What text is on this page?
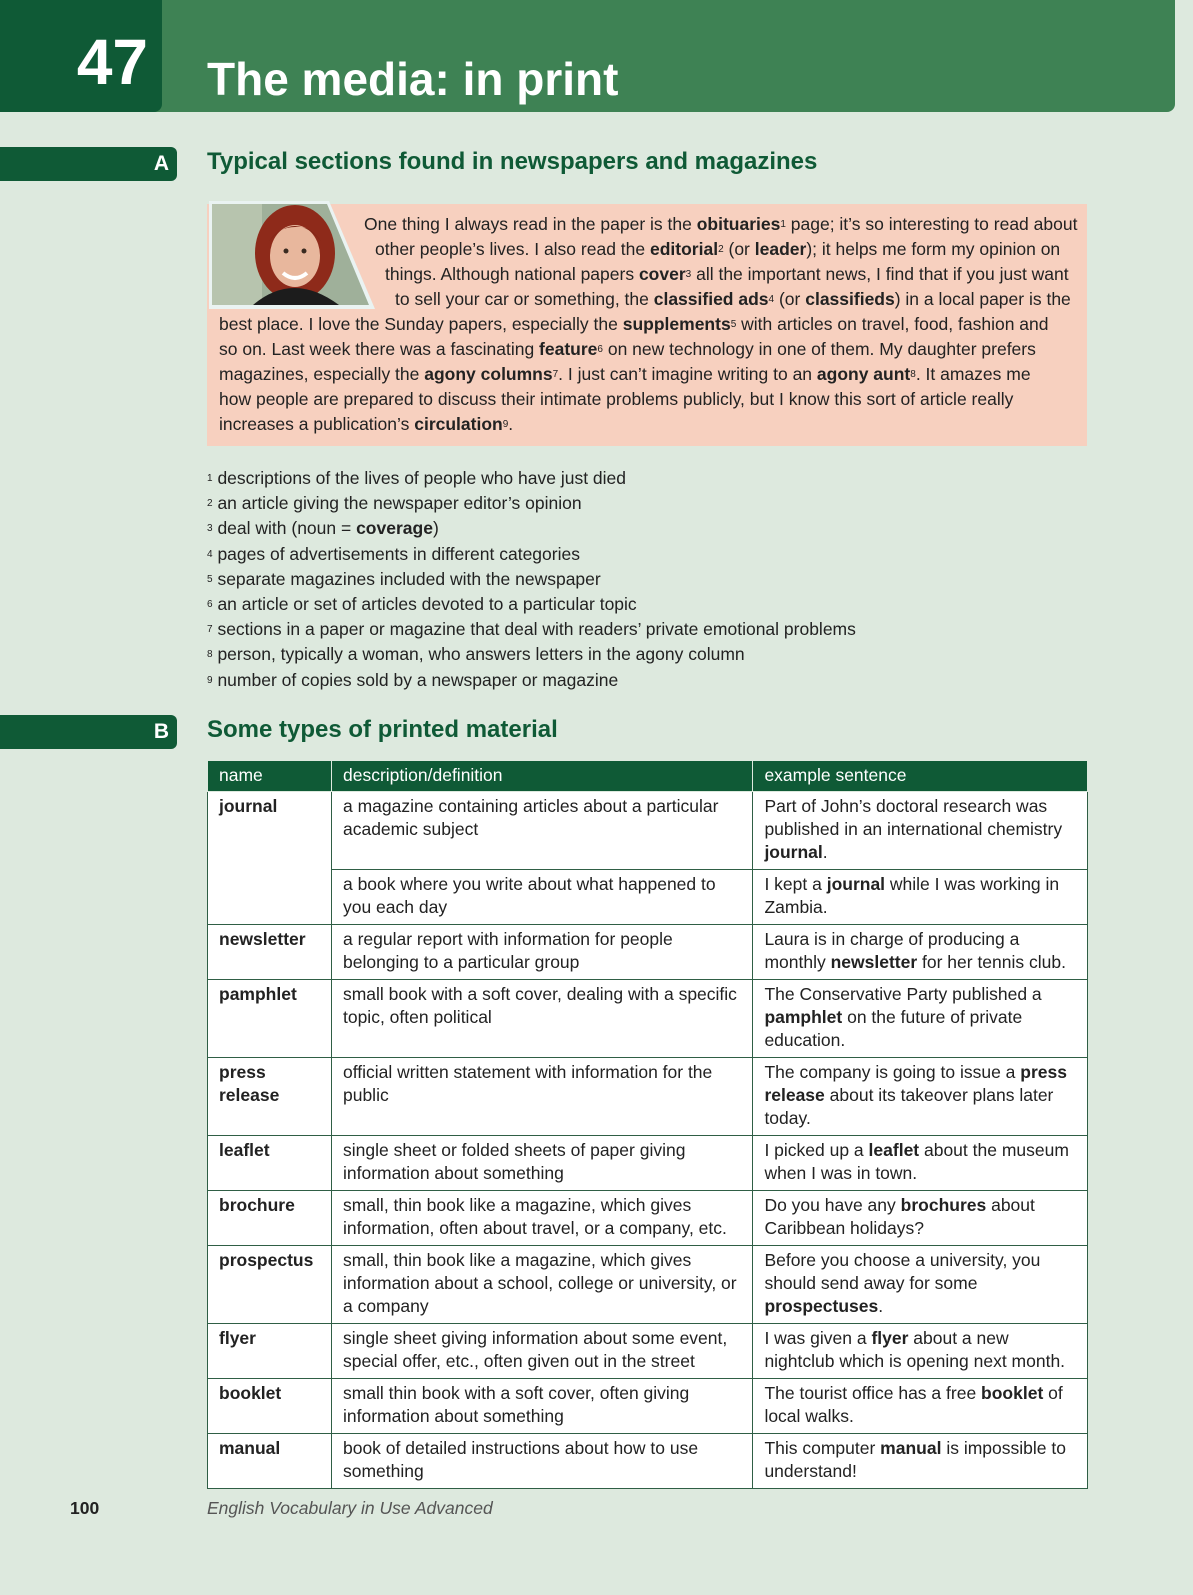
47	The media: in print
A	Typical sections found in newspapers and magazines
One thing I always read in the paper is the obituaries$^1$ page; it’s so interesting to read about
other people’s lives. I also read the editorial$^2$ (or leader); it helps me form my opinion on
things. Although national papers cover$^3$ all the important news, I find that if you just want
to sell your car or something, the classified ads$^4$ (or classifieds) in a local paper is the
best place. I love the Sunday papers, especially the supplements$^5$ with articles on travel, food, fashion and
so on. Last week there was a fascinating feature$^6$ on new technology in one of them. My daughter prefers
magazines, especially the agony columns$^7$. I just can’t imagine writing to an agony aunt$^8$. It amazes me
how people are prepared to discuss their intimate problems publicly, but I know this sort of article really
increases a publication’s circulation$^9$.
$^1$ descriptions of the lives of people who have just died
$^2$ an article giving the newspaper editor’s opinion
$^3$ deal with (noun = coverage)
$^4$ pages of advertisements in different categories
$^5$ separate magazines included with the newspaper
$^6$ an article or set of articles devoted to a particular topic
$^7$ sections in a paper or magazine that deal with readers’ private emotional problems
$^8$ person, typically a woman, who answers letters in the agony column
$^9$ number of copies sold by a newspaper or magazine
B	Some types of printed material
name	description/definition	example sentence
journal	a magazine containing articles about a particular academic subject	Part of John’s doctoral research was published in an international chemistry journal.
	a book where you write about what happened to you each day	I kept a journal while I was working in Zambia.
newsletter	a regular report with information for people belonging to a particular group	Laura is in charge of producing a monthly newsletter for her tennis club.
pamphlet	small book with a soft cover, dealing with a specific topic, often political	The Conservative Party published a pamphlet on the future of private education.
press release	official written statement with information for the public	The company is going to issue a press release about its takeover plans later today.
leaflet	single sheet or folded sheets of paper giving information about something	I picked up a leaflet about the museum when I was in town.
brochure	small, thin book like a magazine, which gives information, often about travel, or a company, etc.	Do you have any brochures about Caribbean holidays?
prospectus	small, thin book like a magazine, which gives information about a school, college or university, or a company	Before you choose a university, you should send away for some prospectuses.
flyer	single sheet giving information about some event, special offer, etc., often given out in the street	I was given a flyer about a new nightclub which is opening next month.
booklet	small thin book with a soft cover, often giving information about something	The tourist office has a free booklet of local walks.
manual	book of detailed instructions about how to use something	This computer manual is impossible to understand!
100	English Vocabulary in Use Advanced
